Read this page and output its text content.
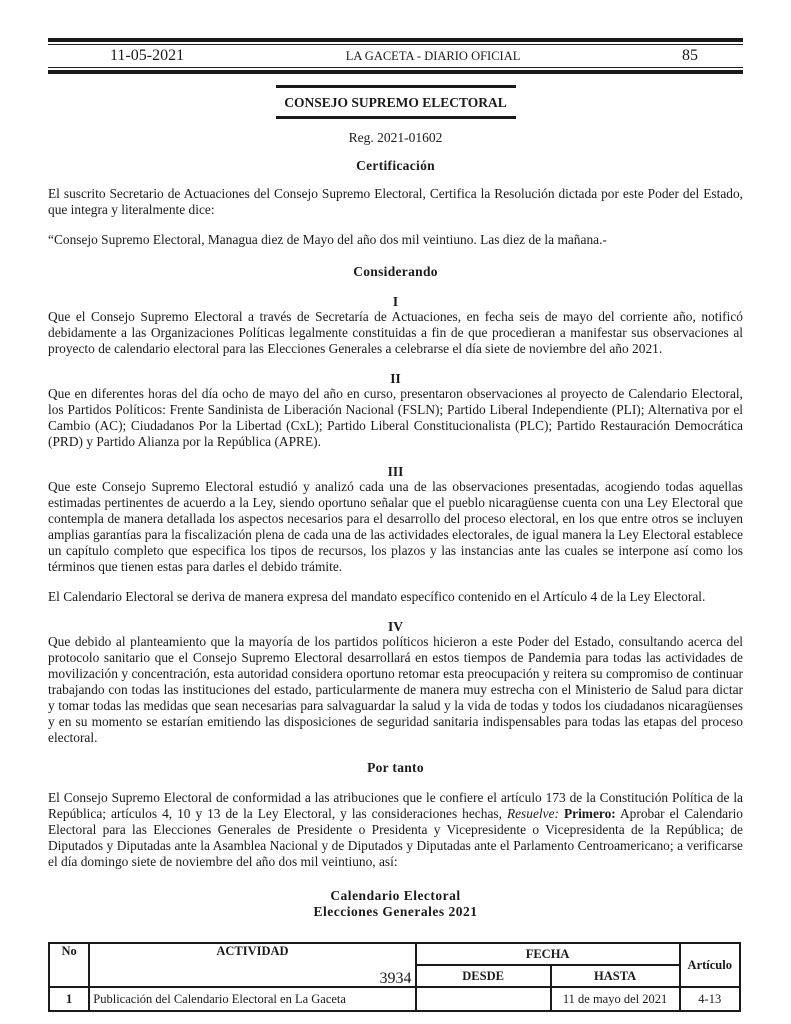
11-05-2021	LA GACETA - DIARIO OFICIAL	85
CONSEJO SUPREMO ELECTORAL
Reg. 2021-01602
Certificación

El suscrito Secretario de Actuaciones del Consejo Supremo Electoral, Certifica la Resolución dictada por este Poder del Estado, que integra y literalmente dice:

“Consejo Supremo Electoral, Managua diez de Mayo del año dos mil veintiuno. Las diez de la mañana.-

Considerando
I

Que el Consejo Supremo Electoral a través de Secretaría de Actuaciones, en fecha seis de mayo del corriente año, notificó debidamente a las Organizaciones Políticas legalmente constituidas a fin de que procedieran a manifestar sus observaciones al proyecto de calendario electoral para las Elecciones Generales a celebrarse el día siete de noviembre del año 2021.

II

Que en diferentes horas del día ocho de mayo del año en curso, presentaron observaciones al proyecto de Calendario Electoral, los Partidos Políticos: Frente Sandinista de Liberación Nacional (FSLN); Partido Liberal Independiente (PLI); Alternativa por el Cambio (AC); Ciudadanos Por la Libertad (CxL); Partido Liberal Constitucionalista (PLC); Partido Restauración Democrática (PRD) y Partido Alianza por la República (APRE).

III

Que este Consejo Supremo Electoral estudió y analizó cada una de las observaciones presentadas, acogiendo todas aquellas estimadas pertinentes de acuerdo a la Ley, siendo oportuno señalar que el pueblo nicaragüense cuenta con una Ley Electoral que contempla de manera detallada los aspectos necesarios para el desarrollo del proceso electoral, en los que entre otros se incluyen amplias garantías para la fiscalización plena de cada una de las actividades electorales, de igual manera la Ley Electoral establece un capítulo completo que especifica los tipos de recursos, los plazos y las instancias ante las cuales se interpone así como los términos que tienen estas para darles el debido trámite.

El Calendario Electoral se deriva de manera expresa del mandato específico contenido en el Artículo 4 de la Ley Electoral.

IV

Que debido al planteamiento que la mayoría de los partidos políticos hicieron a este Poder del Estado, consultando acerca del protocolo sanitario que el Consejo Supremo Electoral desarrollará en estos tiempos de Pandemia para todas las actividades de movilización y concentración, esta autoridad considera oportuno retomar esta preocupación y reitera su compromiso de continuar trabajando con todas las instituciones del estado, particularmente de manera muy estrecha con el Ministerio de Salud para dictar y tomar todas las medidas que sean necesarias para salvaguardar la salud y la vida de todas y todos los ciudadanos nicaragüenses y en su momento se estarían emitiendo las disposiciones de seguridad sanitaria indispensables para todas las etapas del proceso electoral.

Por tanto

El Consejo Supremo Electoral de conformidad a las atribuciones que le confiere el artículo 173 de la Constitución Política de la República; artículos 4, 10 y 13 de la Ley Electoral, y las consideraciones hechas, Resuelve: Primero: Aprobar el Calendario Electoral para las Elecciones Generales de Presidente o Presidenta y Vicepresidente o Vicepresidenta de la República; de Diputados y Diputadas ante la Asamblea Nacional y de Diputados y Diputadas ante el Parlamento Centroamericano; a verificarse el día domingo siete de noviembre del año dos mil veintiuno, así:

Calendario Electoral
Elecciones Generales 2021
No	ACTIVIDAD	FECHA		Artículo
		DESDE	HASTA	
1	Publicación del Calendario Electoral en La Gaceta		11 de mayo del 2021	4-13
3934
